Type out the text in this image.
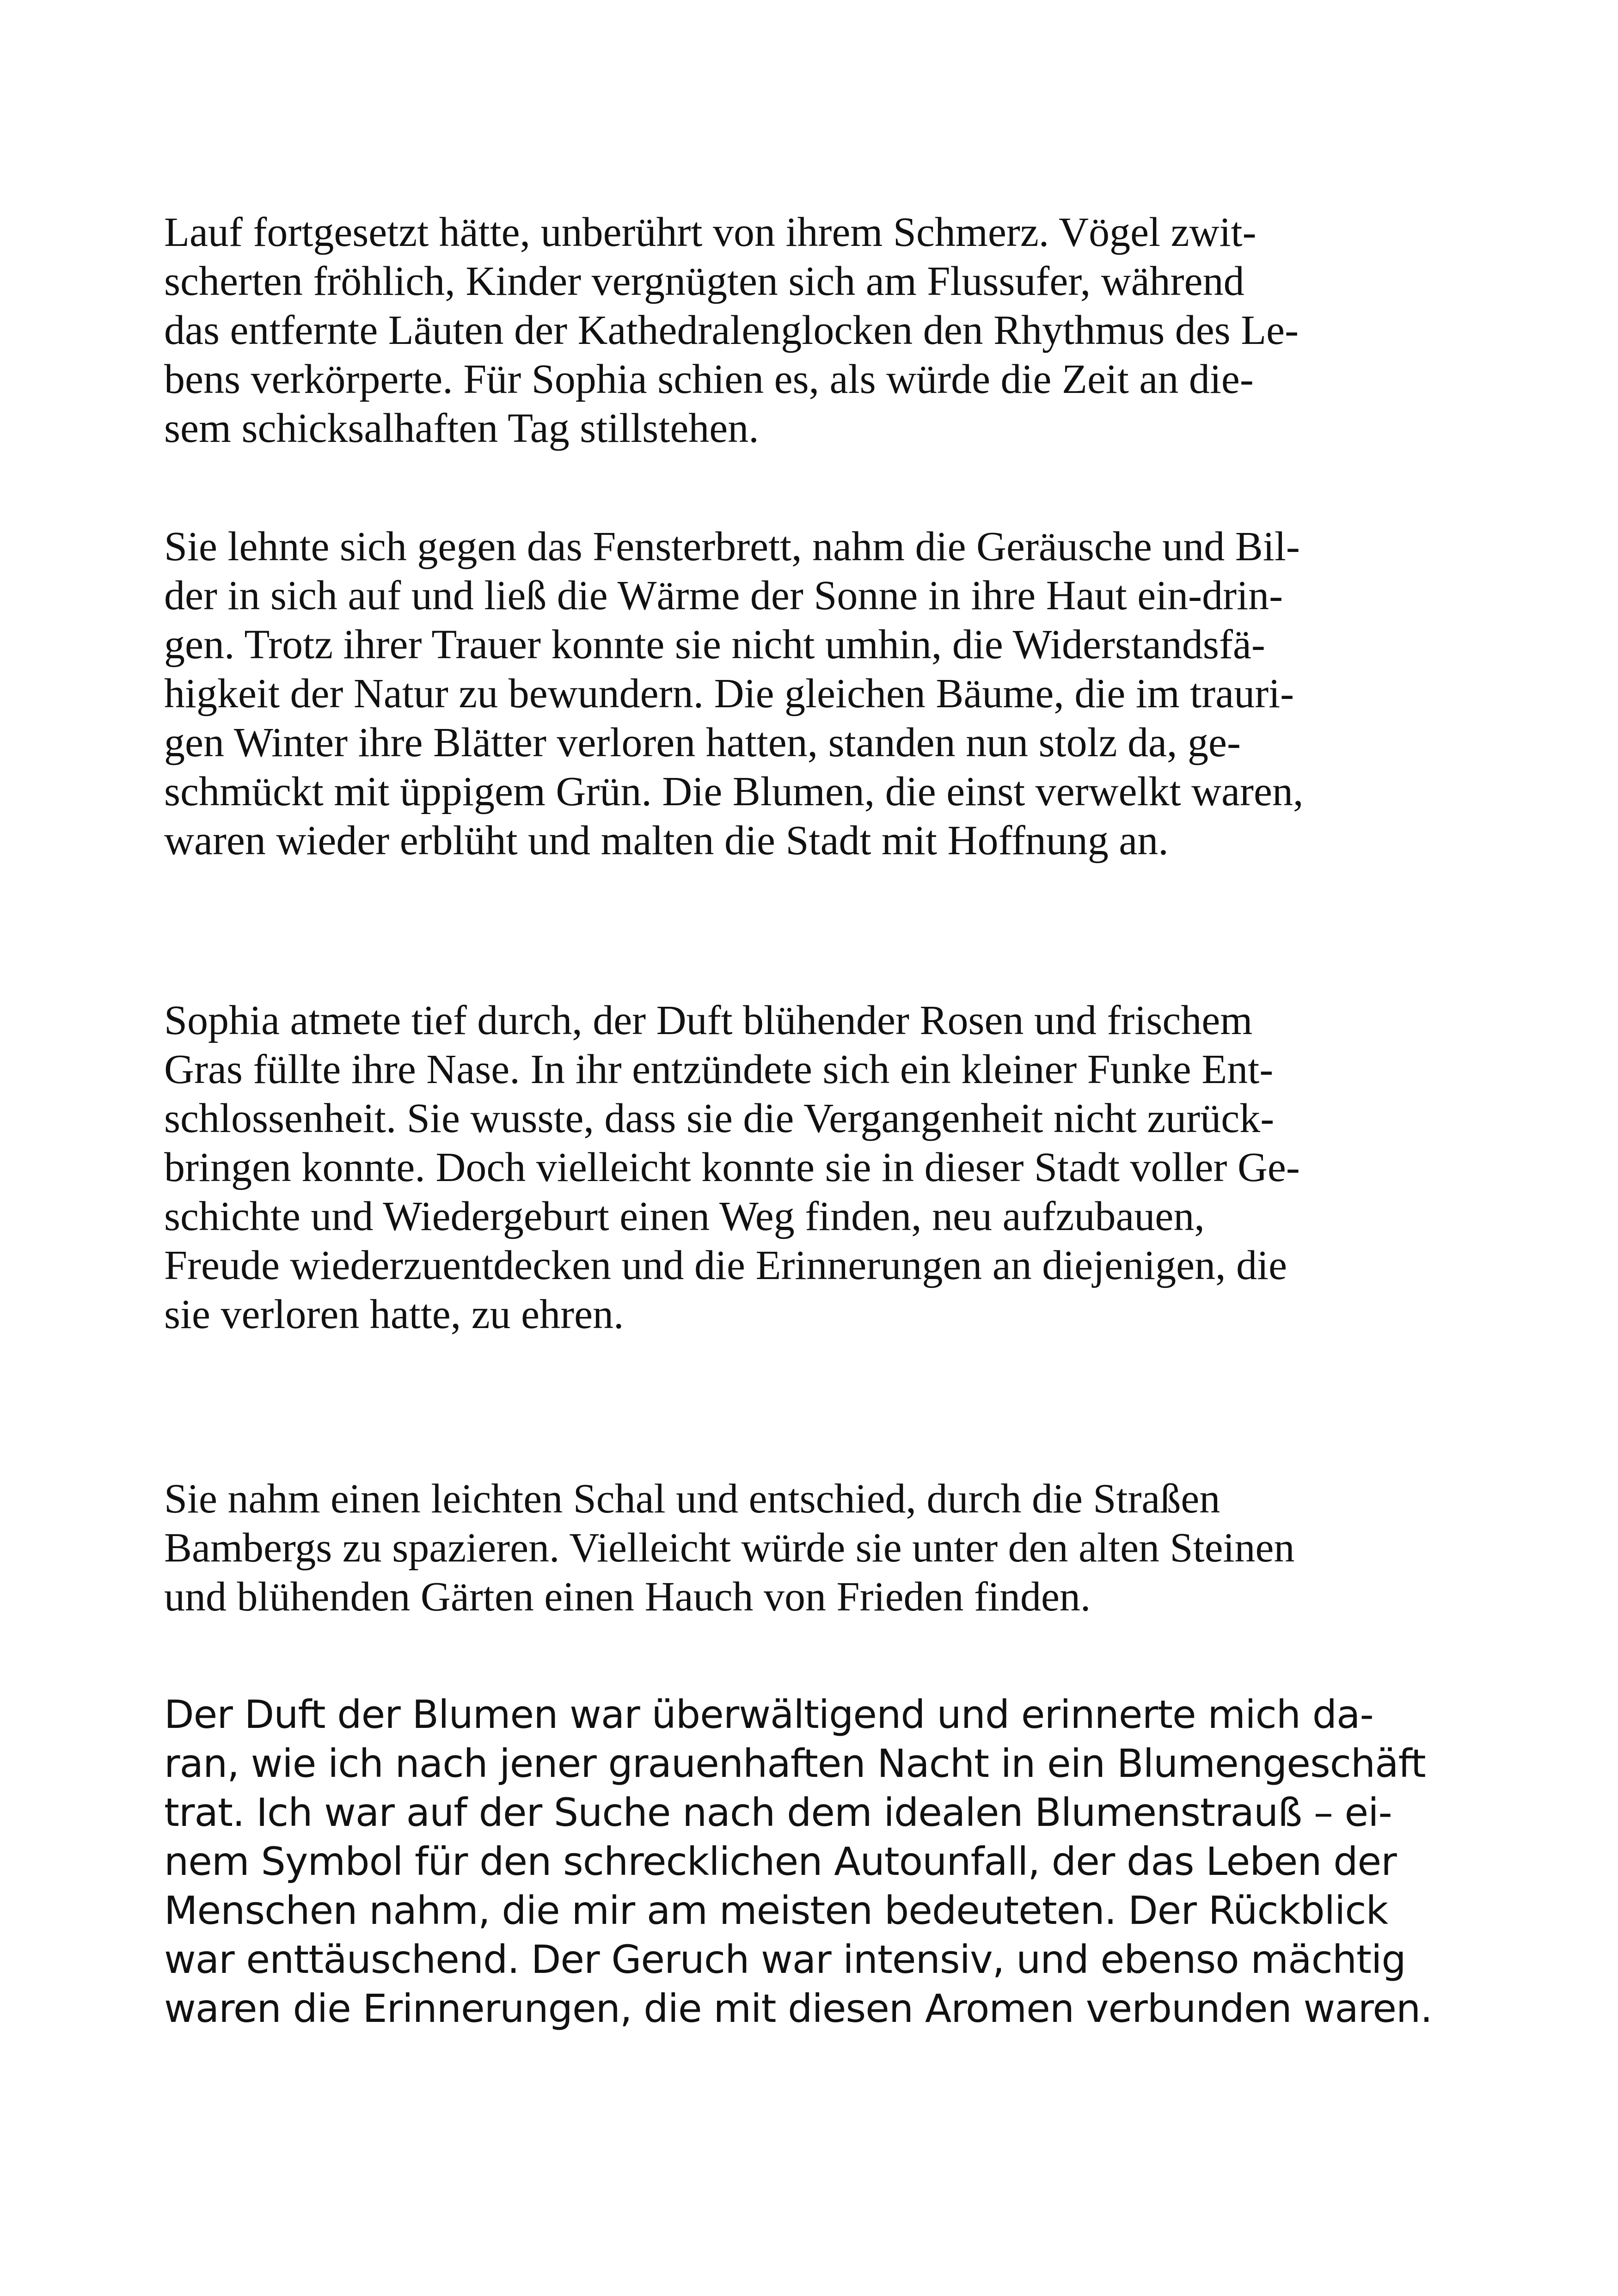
Lauf fortgesetzt hätte, unberührt von ihrem Schmerz. Vögel zwit-
scherten fröhlich, Kinder vergnügten sich am Flussufer, während
das entfernte Läuten der Kathedralenglocken den Rhythmus des Le-
bens verkörperte. Für Sophia schien es, als würde die Zeit an die-
sem schicksalhaften Tag stillstehen.

Sie lehnte sich gegen das Fensterbrett, nahm die Geräusche und Bil-
der in sich auf und ließ die Wärme der Sonne in ihre Haut ein-drin-
gen. Trotz ihrer Trauer konnte sie nicht umhin, die Widerstandsfä-
higkeit der Natur zu bewundern. Die gleichen Bäume, die im trauri-
gen Winter ihre Blätter verloren hatten, standen nun stolz da, ge-
schmückt mit üppigem Grün. Die Blumen, die einst verwelkt waren,
waren wieder erblüht und malten die Stadt mit Hoffnung an.

Sophia atmete tief durch, der Duft blühender Rosen und frischem
Gras füllte ihre Nase. In ihr entzündete sich ein kleiner Funke Ent-
schlossenheit. Sie wusste, dass sie die Vergangenheit nicht zurück-
bringen konnte. Doch vielleicht konnte sie in dieser Stadt voller Ge-
schichte und Wiedergeburt einen Weg finden, neu aufzubauen,
Freude wiederzuentdecken und die Erinnerungen an diejenigen, die
sie verloren hatte, zu ehren.

Sie nahm einen leichten Schal und entschied, durch die Straßen
Bambergs zu spazieren. Vielleicht würde sie unter den alten Steinen
und blühenden Gärten einen Hauch von Frieden finden.

Der Duft der Blumen war überwältigend und erinnerte mich da-
ran, wie ich nach jener grauenhaften Nacht in ein Blumengeschäft
trat. Ich war auf der Suche nach dem idealen Blumenstrauß – ei-
nem Symbol für den schrecklichen Autounfall, der das Leben der
Menschen nahm, die mir am meisten bedeuteten. Der Rückblick
war enttäuschend. Der Geruch war intensiv, und ebenso mächtig
waren die Erinnerungen, die mit diesen Aromen verbunden waren.
